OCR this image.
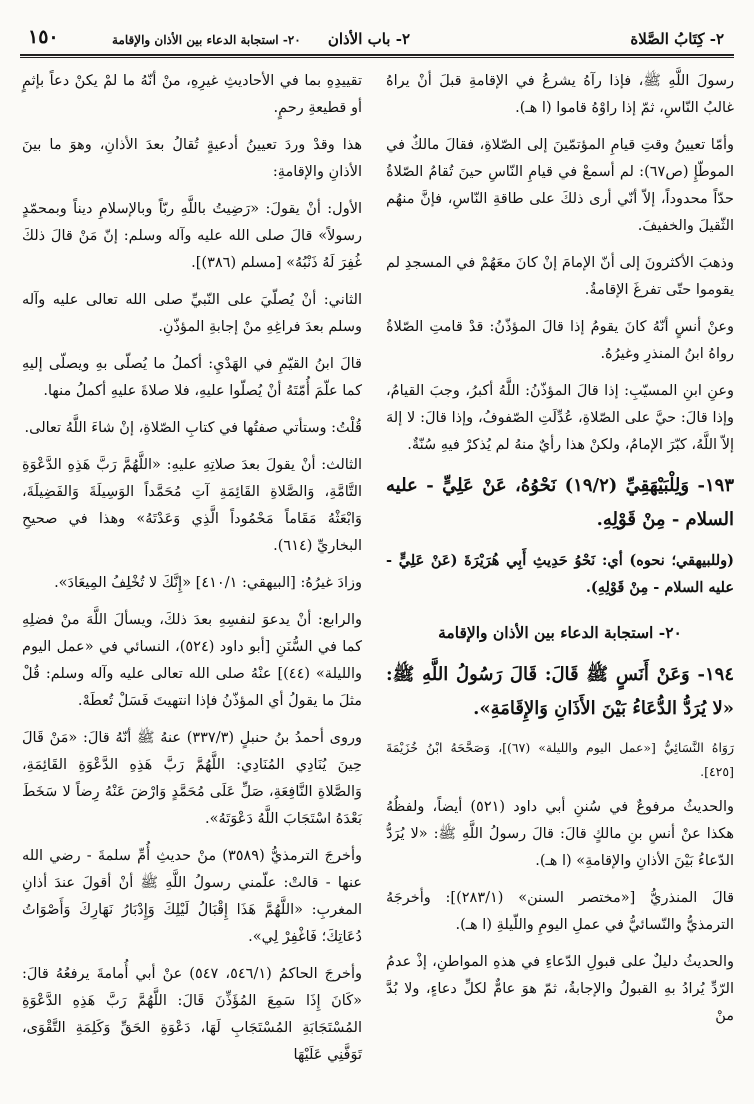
٢- كِتَابُ الصَّلاة
٢- باب الأذان
٢٠- استجابة الدعاء بين الأذان والإقامة
١٥٠

رسولَ اللَّهِ ﷺ، فإذا رآهُ يشرعُ في الإقامةِ قبلَ أنْ يراهُ غالبُ النّاسِ، ثمّ إذا راوْهُ قاموا (ا هـ).

وأمّا تعيينُ وقتِ قيامِ المؤتمّينَ إلى الصّلاةِ، فقالَ مالكٌ في الموطّإِ (ص٦٧): لم أسمعْ في قيامِ النّاسِ حينَ تُقامُ الصّلاةُ حدّاً محدوداً، إلاّ أنّي أرى ذلكَ على طاقةِ النّاسِ، فإنَّ منهُم الثّقيلَ والخفيفَ.

وذهبَ الأكثرونَ إلى أنّ الإمامَ إنْ كانَ معَهُمْ في المسجدِ لم يقوموا حتّى تفرغَ الإقامةُ.

وعنْ أنسٍ أنّهُ كانَ يقومُ إذا قالَ المؤذّنُ: قدْ قامتِ الصّلاةُ رواهُ ابنُ المنذرِ وغيرُهُ.

وعنِ ابنِ المسيّبِ: إذا قالَ المؤذّنُ: اللَّهُ أكبرُ، وجبَ القيامُ، وإذا قالَ: حيَّ على الصّلاةِ، عُدِّلَتِ الصّفوفُ، وإذا قالَ: لا إلهَ إلاّ اللَّهُ، كبّرَ الإمامُ، ولكنْ هذا رأيٌ منهُ لم يُذكرْ فيهِ سُنّةٌ.

١٩٣- وَلِلْبَيْهَقِيِّ (١٩/٢) نَحْوُهُ، عَنْ عَلِيٍّ - عليه السلام - مِنْ قَوْلِهِ.

(وللبيهقي؛ نحوه) أي: نَحْوُ حَدِيثِ أَبِي هُرَيْرَةَ (عَنْ عَلِيٍّ - عليه السلام - مِنْ قَوْلِهِ).

٢٠- استجابة الدعاء بين الأذان والإقامة

١٩٤- وَعَنْ أَنَسٍ ﷺ قَالَ: قَالَ رَسُولُ اللَّهِ ﷺ: «لا يُرَدُّ الدُّعَاءُ بَيْنَ الأَذَانِ وَالإِقَامَةِ».

رَوَاهُ النَّسَائِيُّ [«عمل اليوم والليلة» (٦٧)]، وَصَحَّحَهُ ابْنُ خُزَيْمَةَ [٤٢٥].

والحديثُ مرفوعٌ في سُننِ أبي داود (٥٢١) أيضاً، ولفظُهُ هكذا عنْ أنسِ بنِ مالكٍ قالَ: قالَ رسولُ اللَّهِ ﷺ: «لا يُرَدُّ الدّعاءُ بَيْنَ الأذانِ والإقامةِ» (ا هـ).

قالَ المنذريُّ [«مختصر السنن» (٢٨٣/١)]: وأخرجَهُ الترمذيُّ والنّسائيُّ في عملِ اليومِ واللّيلةِ (ا هـ).

والحديثُ دليلٌ على قبولِ الدّعاءِ في هذهِ المواطنِ، إذْ عدمُ الرّدِّ يُرادُ بهِ القبولُ والإجابةُ، ثمّ هوَ عامٌّ لكلِّ دعاءٍ، ولا بُدَّ منْ

تقييدِهِ بما في الأحاديثِ غيرِهِ، منْ أنّهُ ما لمْ يكنْ دعاً بإثمٍ أو قطيعةِ رحمٍ.

هذا وقدْ وردَ تعيينُ أدعيةٍ تُقالُ بعدَ الأذانِ، وهوَ ما بينَ الأذانِ والإقامةِ:

الأول: أنْ يقولَ: «رَضِيتُ باللَّهِ ربّاً وبالإسلامِ ديناً وبمحمّدٍ رسولاً» قالَ صلى الله عليه وآله وسلم: إنّ مَنْ قالَ ذلكَ غُفِرَ لَهُ ذَنْبُهُ» [مسلم (٣٨٦)].

الثاني: أنْ يُصلّيَ على النّبيِّ صلى الله تعالى عليه وآله وسلم بعدَ فراغِهِ منْ إجابةِ المؤذّنِ.

قالَ ابنُ القيّمِ في الهَدْيِ: أكملُ ما يُصلّى بهِ ويصلّى إليهِ كما علّمَ أُمّتَهُ أنْ يُصلّوا عليهِ، فلا صلاةَ عليهِ أكملُ منها.

قُلْتُ: وستأتي صفتُها في كتابِ الصّلاةِ، إنْ شاءَ اللَّهُ تعالى.

الثالث: أنْ يقولَ بعدَ صلاتِهِ عليهِ: «اللَّهُمَّ رَبَّ هَذِهِ الدَّعْوَةِ التَّامَّةِ، وَالصَّلاةِ القَائِمَةِ آتِ مُحَمَّداً الوَسِيلَةَ وَالفَضِيلَةَ، وَابْعَثْهُ مَقَاماً مَحْمُوداً الَّذِي وَعَدْتَهُ» وهذا في صحيحِ البخاريِّ (٦١٤).

وزادَ غيرُهُ: [البيهقي: ٤١٠/١] «إِنَّكَ لا تُخْلِفُ المِيعَادَ».

والرابع: أنْ يدعوَ لنفسِهِ بعدَ ذلكَ، ويسألَ اللَّهَ منْ فضلِهِ كما في السُّنَنِ [أبو داود (٥٢٤)، النسائي في «عمل اليوم والليلة» (٤٤)] عنْهُ صلى الله تعالى عليه وآله وسلم: قُلْ مثلَ ما يقولُ أي المؤذّنُ فإذا انتهيتَ فَسَلْ تُعطَهْ.

وروى أحمدُ بنُ حنبلٍ (٣٣٧/٣) عنهُ ﷺ أنّهُ قالَ: «مَنْ قَالَ حِينَ يُنَادِي المُنَادِي: اللَّهُمَّ رَبَّ هَذِهِ الدَّعْوَةِ القَائِمَةِ، وَالصَّلاةِ النَّافِعَةِ، صَلِّ عَلَى مُحَمَّدٍ وَارْضَ عَنْهُ رِضاً لا سَخَطَ بَعْدَهُ اسْتَجَابَ اللَّهُ دَعْوَتَهُ».

وأخرجَ الترمذيُّ (٣٥٨٩) منْ حديثِ أُمِّ سلمةَ - رضي الله عنها - قالتْ: علّمني رسولُ اللَّهِ ﷺ أنْ أقولَ عندَ أذانِ المغربِ: «اللَّهُمَّ هَذَا إِقْبَالُ لَيْلِكَ وَإِدْبَارُ نَهَارِكَ وَأَصْوَاتُ دُعَاتِكَ؛ فَاغْفِرْ لِي».

وأخرجَ الحاكمُ (٥٤٦/١، ٥٤٧) عنْ أبي أُمامةَ يرفعُهُ قالَ: «كَانَ إِذَا سَمِعَ المُؤَذِّنَ قَالَ: اللَّهُمَّ رَبَّ هَذِهِ الدَّعْوَةِ المُسْتَجَابَةِ المُسْتَجَابِ لَهَا، دَعْوَةِ الحَقِّ وَكَلِمَةِ التَّقْوَى، تَوَفَّنِي عَلَيْهَا
